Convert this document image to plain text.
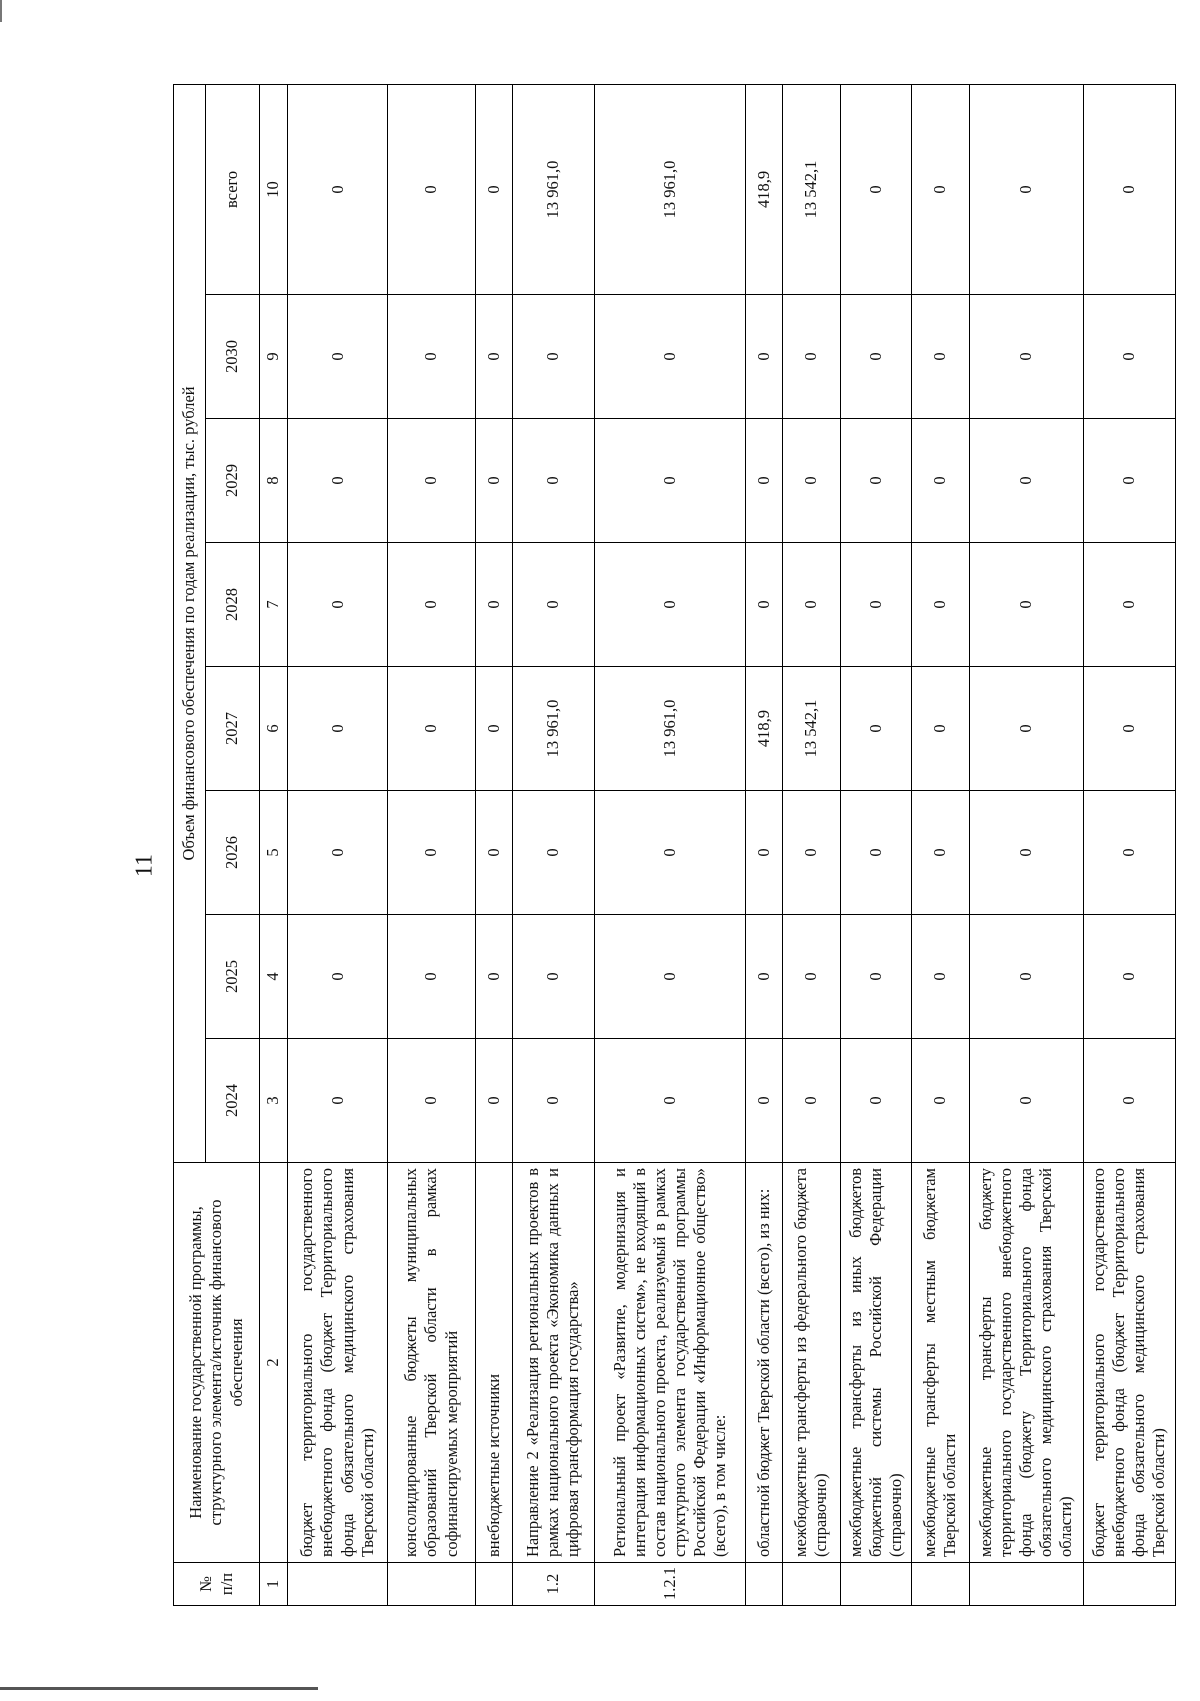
11
№ п/п	Наименование государственной программы, структурного элемента/источник финансового обеспечения	Объем финансового обеспечения по годам реализации, тыс. рублей							
		2024	2025	2026	2027	2028	2029	2030	всего
1	2	3	4	5	6	7	8	9	10
	бюджет территориального государственного внебюджетного фонда (бюджет Территориального фонда обязательного медицинского страхования Тверской области)	0	0	0	0	0	0	0	0
	консолидированные бюджеты муниципальных образований Тверской области в рамках софинансируемых мероприятий	0	0	0	0	0	0	0	0
	внебюджетные источники	0	0	0	0	0	0	0	0
1.2	Направление 2 «Реализация региональных проектов в рамках национального проекта «Экономика данных и цифровая трансформация государства»	0	0	0	13 961,0	0	0	0	13 961,0
1.2.1	Региональный проект «Развитие, модернизация и интеграция информационных систем», не входящий в состав национального проекта, реализуемый в рамках структурного элемента государственной программы Российской Федерации «Информационное общество» (всего), в том числе:	0	0	0	13 961,0	0	0	0	13 961,0
	областной бюджет Тверской области (всего), из них:	0	0	0	418,9	0	0	0	418,9
	межбюджетные трансферты из федерального бюджета (справочно)	0	0	0	13 542,1	0	0	0	13 542,1
	межбюджетные трансферты из иных бюджетов бюджетной системы Российской Федерации (справочно)	0	0	0	0	0	0	0	0
	межбюджетные трансферты местным бюджетам Тверской области	0	0	0	0	0	0	0	0
	межбюджетные трансферты бюджету территориального государственного внебюджетного фонда (бюджету Территориального фонда обязательного медицинского страхования Тверской области)	0	0	0	0	0	0	0	0
	бюджет территориального государственного внебюджетного фонда (бюджет Территориального фонда обязательного медицинского страхования Тверской области)	0	0	0	0	0	0	0	0
